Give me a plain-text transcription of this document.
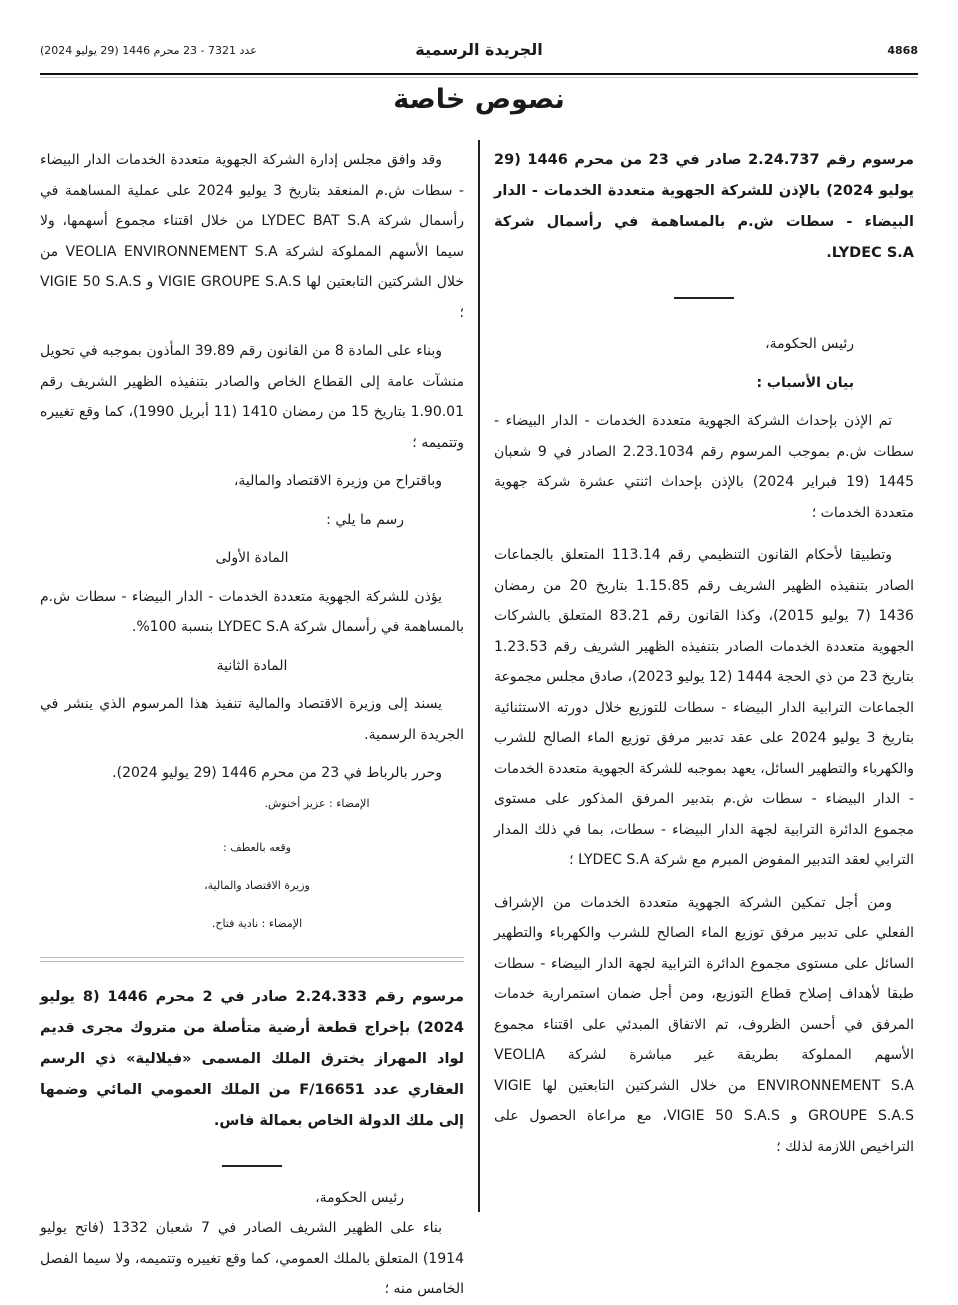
عدد 7321 - 23 محرم 1446 (29 يوليو 2024)	الجريدة الرسمية	4868
نصوص خاصة

مرسوم رقم 2.24.737 صادر في 23 من محرم 1446 (29 يوليو 2024) بالإذن للشركة الجهوية متعددة الخدمات - الدار البيضاء - سطات ش.م بالمساهمة في رأسمال شركة LYDEC S.A.

رئيس الحكومة،

بيان الأسباب :

تم الإذن بإحداث الشركة الجهوية متعددة الخدمات - الدار البيضاء - سطات ش.م بموجب المرسوم رقم 2.23.1034 الصادر في 9 شعبان 1445 (19 فبراير 2024) بالإذن بإحداث اثنتي عشرة شركة جهوية متعددة الخدمات ؛

وتطبيقا لأحكام القانون التنظيمي رقم 113.14 المتعلق بالجماعات الصادر بتنفيذه الظهير الشريف رقم 1.15.85 بتاريخ 20 من رمضان 1436 (7 يوليو 2015)، وكذا القانون رقم 83.21 المتعلق بالشركات الجهوية متعددة الخدمات الصادر بتنفيذه الظهير الشريف رقم 1.23.53 بتاريخ 23 من ذي الحجة 1444 (12 يوليو 2023)، صادق مجلس مجموعة الجماعات الترابية الدار البيضاء - سطات للتوزيع خلال دورته الاستثنائية بتاريخ 3 يوليو 2024 على عقد تدبير مرفق توزيع الماء الصالح للشرب والكهرباء والتطهير السائل، يعهد بموجبه للشركة الجهوية متعددة الخدمات - الدار البيضاء - سطات ش.م بتدبير المرفق المذكور على مستوى مجموع الدائرة الترابية لجهة الدار البيضاء - سطات، بما في ذلك المدار الترابي لعقد التدبير المفوض المبرم مع شركة LYDEC S.A ؛

ومن أجل تمكين الشركة الجهوية متعددة الخدمات من الإشراف الفعلي على تدبير مرفق توزيع الماء الصالح للشرب والكهرباء والتطهير السائل على مستوى مجموع الدائرة الترابية لجهة الدار البيضاء - سطات طبقا لأهداف إصلاح قطاع التوزيع، ومن أجل ضمان استمرارية خدمات المرفق في أحسن الظروف، تم الاتفاق المبدئي على اقتناء مجموع الأسهم المملوكة بطريقة غير مباشرة لشركة VEOLIA ENVIRONNEMENT S.A من خلال الشركتين التابعتين لها VIGIE GROUPE S.A.S و VIGIE 50 S.A.S، مع مراعاة الحصول على التراخيص اللازمة لذلك ؛

وقد وافق مجلس إدارة الشركة الجهوية متعددة الخدمات الدار البيضاء - سطات ش.م المنعقد بتاريخ 3 يوليو 2024 على عملية المساهمة في رأسمال شركة LYDEC BAT S.A من خلال اقتناء مجموع أسهمها، ولا سيما الأسهم المملوكة لشركة VEOLIA ENVIRONNEMENT S.A من خلال الشركتين التابعتين لها VIGIE GROUPE S.A.S و VIGIE 50 S.A.S ؛

وبناء على المادة 8 من القانون رقم 39.89 المأذون بموجبه في تحويل منشآت عامة إلى القطاع الخاص والصادر بتنفيذه الظهير الشريف رقم 1.90.01 بتاريخ 15 من رمضان 1410 (11 أبريل 1990)، كما وقع تغييره وتتميمه ؛

وباقتراح من وزيرة الاقتصاد والمالية،

رسم ما يلي :

المادة الأولى

يؤذن للشركة الجهوية متعددة الخدمات - الدار البيضاء - سطات ش.م بالمساهمة في رأسمال شركة LYDEC S.A بنسبة 100%.

المادة الثانية

يسند إلى وزيرة الاقتصاد والمالية تنفيذ هذا المرسوم الذي ينشر في الجريدة الرسمية.

وحرر بالرباط في 23 من محرم 1446 (29 يوليو 2024).

الإمضاء : عزيز أخنوش.

وقعه بالعطف :

وزيرة الاقتصاد والمالية،

الإمضاء : نادية فتاح.

مرسوم رقم 2.24.333 صادر في 2 محرم 1446 (8 يوليو 2024) بإخراج قطعة أرضية متأصلة من متروك مجرى قديم لواد المهراز يخترق الملك المسمى «فيلالية» ذي الرسم العقاري عدد F/16651 من الملك العمومي المائي وضمها إلى ملك الدولة الخاص بعمالة فاس.

رئيس الحكومة،

بناء على الظهير الشريف الصادر في 7 شعبان 1332 (فاتح يوليو 1914) المتعلق بالملك العمومي، كما وقع تغييره وتتميمه، ولا سيما الفصل الخامس منه ؛
